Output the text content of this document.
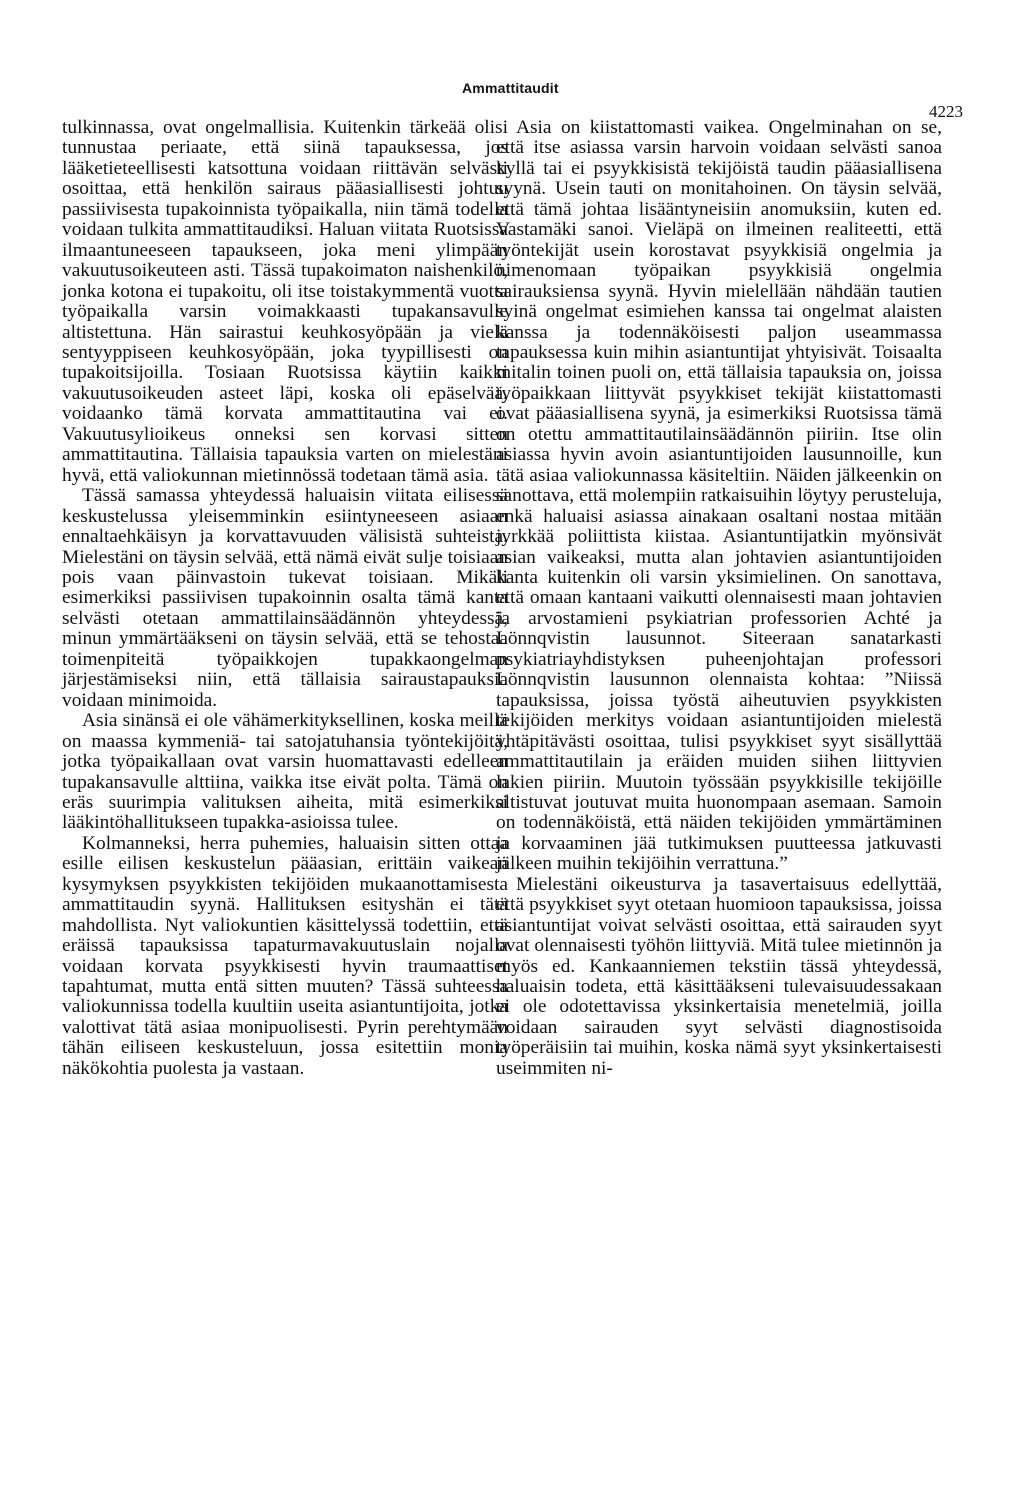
Ammattitaudit
4223

tulkinnassa, ovat ongelmallisia. Kuitenkin tärkeää olisi tunnustaa periaate, että siinä tapauksessa, jos lääketieteellisesti katsottuna voidaan riittävän selvästi osoittaa, että henkilön sairaus pääasiallisesti johtuu passiivisesta tupakoinnista työpaikalla, niin tämä todella voidaan tulkita ammattitaudiksi. Haluan viitata Ruotsissa ilmaantuneeseen tapaukseen, joka meni ylimpään vakuutusoikeuteen asti. Tässä tupakoimaton naishenkilö, jonka kotona ei tupakoitu, oli itse toistakymmentä vuotta työpaikalla varsin voimakkaasti tupakansavulle altistettuna. Hän sairastui keuhkosyöpään ja vielä sentyyppiseen keuhkosyöpään, joka tyypillisesti on tupakoitsijoilla. Tosiaan Ruotsissa käytiin kaikki vakuutusoikeuden asteet läpi, koska oli epäselvää, voidaanko tämä korvata ammattitautina vai ei. Vakuutusylioikeus onneksi sen korvasi sitten ammattitautina. Tällaisia tapauksia varten on mielestäni hyvä, että valiokunnan mietinnössä todetaan tämä asia.

Tässä samassa yhteydessä haluaisin viitata eilisessä keskustelussa yleisemminkin esiintyneeseen asiaan ennaltaehkäisyn ja korvattavuuden välisistä suhteista. Mielestäni on täysin selvää, että nämä eivät sulje toisiaan pois vaan päinvastoin tukevat toisiaan. Mikäli esimerkiksi passiivisen tupakoinnin osalta tämä kanta selvästi otetaan ammattilainsäädännön yhteydessä, minun ymmärtääkseni on täysin selvää, että se tehostaa toimenpiteitä työpaikkojen tupakkaongelman järjestämiseksi niin, että tällaisia sairaustapauksia voidaan minimoida.

Asia sinänsä ei ole vähämerkityksellinen, koska meillä on maassa kymmeniä- tai satojatuhansia työntekijöitä, jotka työpaikallaan ovat varsin huomattavasti edelleen tupakansavulle alttiina, vaikka itse eivät polta. Tämä on eräs suurimpia valituksen aiheita, mitä esimerkiksi lääkintöhallitukseen tupakka-asioissa tulee.

Kolmanneksi, herra puhemies, haluaisin sitten ottaa esille eilisen keskustelun pääasian, erittäin vaikean kysymyksen psyykkisten tekijöiden mukaanottamisesta ammattitaudin syynä. Hallituksen esityshän ei tätä mahdollista. Nyt valiokuntien käsittelyssä todettiin, että eräissä tapauksissa tapaturmavakuutuslain nojalla voidaan korvata psyykkisesti hyvin traumaattiset tapahtumat, mutta entä sitten muuten? Tässä suhteessa valiokunnissa todella kuultiin useita asiantuntijoita, jotka valottivat tätä asiaa monipuolisesti. Pyrin perehtymään tähän eiliseen keskusteluun, jossa esitettiin monia näkökohtia puolesta ja vastaan.

Asia on kiistattomasti vaikea. Ongelminahan on se, että itse asiassa varsin harvoin voidaan selvästi sanoa kyllä tai ei psyykkisistä tekijöistä taudin pääasiallisena syynä. Usein tauti on monitahoinen. On täysin selvää, että tämä johtaa lisääntyneisiin anomuksiin, kuten ed. Vastamäki sanoi. Vieläpä on ilmeinen realiteetti, että työntekijät usein korostavat psyykkisiä ongelmia ja nimenomaan työpaikan psyykkisiä ongelmia sairauksiensa syynä. Hyvin mielellään nähdään tautien syinä ongelmat esimiehen kanssa tai ongelmat alaisten kanssa ja todennäköisesti paljon useammassa tapauksessa kuin mihin asiantuntijat yhtyisivät. Toisaalta mitalin toinen puoli on, että tällaisia tapauksia on, joissa työpaikkaan liittyvät psyykkiset tekijät kiistattomasti ovat pääasiallisena syynä, ja esimerkiksi Ruotsissa tämä on otettu ammattitautilainsäädännön piiriin. Itse olin asiassa hyvin avoin asiantuntijoiden lausunnoille, kun tätä asiaa valiokunnassa käsiteltiin. Näiden jälkeenkin on sanottava, että molempiin ratkaisuihin löytyy perusteluja, enkä haluaisi asiassa ainakaan osaltani nostaa mitään jyrkkää poliittista kiistaa. Asiantuntijatkin myönsivät asian vaikeaksi, mutta alan johtavien asiantuntijoiden kanta kuitenkin oli varsin yksimielinen. On sanottava, että omaan kantaani vaikutti olennaisesti maan johtavien ja arvostamieni psykiatrian professorien Achté ja Lönnqvistin lausunnot. Siteeraan sanatarkasti psykiatriayhdistyksen puheenjohtajan professori Lönnqvistin lausunnon olennaista kohtaa: ”Niissä tapauksissa, joissa työstä aiheutuvien psyykkisten tekijöiden merkitys voidaan asiantuntijoiden mielestä yhtäpitävästi osoittaa, tulisi psyykkiset syyt sisällyttää ammattitautilain ja eräiden muiden siihen liittyvien lakien piiriin. Muutoin työssään psyykkisille tekijöille altistuvat joutuvat muita huonompaan asemaan. Samoin on todennäköistä, että näiden tekijöiden ymmärtäminen ja korvaaminen jää tutkimuksen puutteessa jatkuvasti jälkeen muihin tekijöihin verrattuna.”

Mielestäni oikeusturva ja tasavertaisuus edellyttää, että psyykkiset syyt otetaan huomioon tapauksissa, joissa asiantuntijat voivat selvästi osoittaa, että sairauden syyt ovat olennaisesti työhön liittyviä. Mitä tulee mietinnön ja myös ed. Kankaanniemen tekstiin tässä yhteydessä, haluaisin todeta, että käsittääkseni tulevaisuudessakaan ei ole odotettavissa yksinkertaisia menetelmiä, joilla voidaan sairauden syyt selvästi diagnostisoida työperäisiin tai muihin, koska nämä syyt yksinkertaisesti useimmiten ni-
